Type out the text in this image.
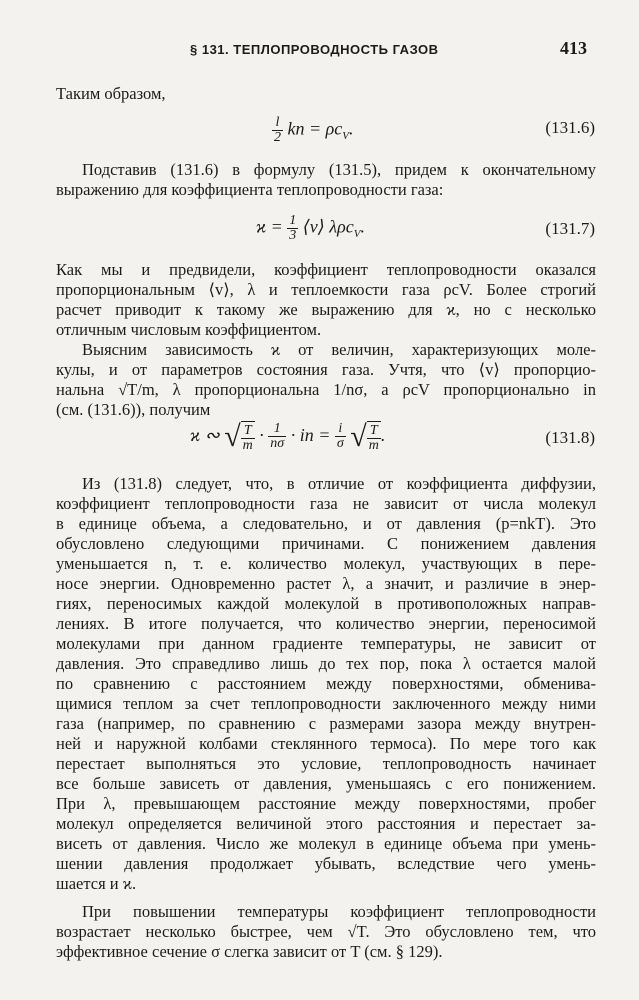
§ 131. ТЕПЛОПРОВОДНОСТЬ ГАЗОВ	413
Таким образом,
$\frac{l}{2}$ kn = $\rho c_V$.	(131.6)
Подставив (131.6) в формулу (131.5), придем к окончательному
выражению для коэффициента теплопроводности газа:
$ϰ = \frac{1}{3}$ ⟨v⟩ λρc$_V$.	(131.7)
Как мы и предвидели, коэффициент теплопроводности оказался
пропорциональным ⟨v⟩, λ и теплоемкости газа ρcV. Более строгий
расчет приводит к такому же выражению для ϰ, но с несколько
отличным числовым коэффициентом.
Выясним зависимость ϰ от величин, характеризующих моле-
кулы, и от параметров состояния газа. Учтя, что ⟨v⟩ пропорцио-
нальна √T/m, λ пропорциональна 1/nσ, а ρcV пропорционально in
(см. (131.6)), получим
ϰ ∾ √ $\frac{T}{m} \cdot \frac{1}{n\sigma}$ · in = $\frac{i}{\sigma}$ √ $\frac{T}{m}$ .	(131.8)
Из (131.8) следует, что, в отличие от коэффициента диффузии,
коэффициент теплопроводности газа не зависит от числа молекул
в единице объема, а следовательно, и от давления (p=nkT). Это
обусловлено следующими причинами. С понижением давления
уменьшается n, т. е. количество молекул, участвующих в пере-
носе энергии. Одновременно растет λ, а значит, и различие в энер-
гиях, переносимых каждой молекулой в противоположных направ-
лениях. В итоге получается, что количество энергии, переносимой
молекулами при данном градиенте температуры, не зависит от
давления. Это справедливо лишь до тех пор, пока λ остается малой
по сравнению с расстоянием между поверхностями, обменива-
щимися теплом за счет теплопроводности заключенного между ними
газа (например, по сравнению с размерами зазора между внутрен-
ней и наружной колбами стеклянного термоса). По мере того как
перестает выполняться это условие, теплопроводность начинает
все больше зависеть от давления, уменьшаясь с его понижением.
При λ, превышающем расстояние между поверхностями, пробег
молекул определяется величиной этого расстояния и перестает за-
висеть от давления. Число же молекул в единице объема при умень-
шении давления продолжает убывать, вследствие чего умень-
шается и ϰ.
При повышении температуры коэффициент теплопроводности
возрастает несколько быстрее, чем √T. Это обусловлено тем, что
эффективное сечение σ слегка зависит от T (см. § 129).
